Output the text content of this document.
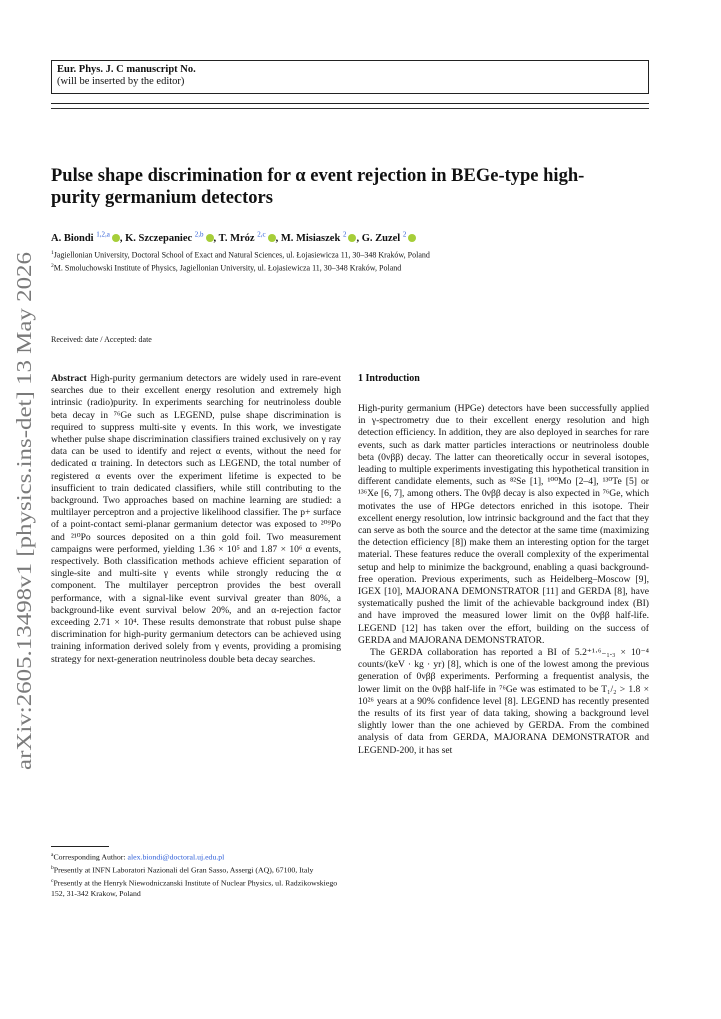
Eur. Phys. J. C manuscript No.
(will be inserted by the editor)
arXiv:2605.13498v1 [physics.ins-det] 13 May 2026
Pulse shape discrimination for α event rejection in BEGe-type high-purity germanium detectors
A. Biondi $^{1,2,a}$ , K. Szczepaniec $^{2,b}$ , T. Mróz $^{2,c}$ , M. Misiaszek $^2$ , G. Zuzel $^2$
$^1$Jagiellonian University, Doctoral School of Exact and Natural Sciences, ul. Łojasiewicza 11, 30–348 Kraków, Poland
$^2$M. Smoluchowski Institute of Physics, Jagiellonian University, ul. Łojasiewicza 11, 30–348 Kraków, Poland
Received: date / Accepted: date
Abstract High-purity germanium detectors are widely used in rare-event searches due to their excellent energy resolution and extremely high intrinsic (radio)purity. In experiments searching for neutrinoless double beta decay in ⁷⁶Ge such as LEGEND, pulse shape discrimination is required to suppress multi-site γ events. In this work, we investigate whether pulse shape discrimination classifiers trained exclusively on γ ray data can be used to identify and reject α events, without the need for dedicated α training. In detectors such as LEGEND, the total number of registered α events over the experiment lifetime is expected to be insufficient to train dedicated classifiers, while still contributing to the background. Two approaches based on machine learning are studied: a multilayer perceptron and a projective likelihood classifier. The p+ surface of a point-contact semi-planar germanium detector was exposed to ²⁰⁹Po and ²¹⁰Po sources deposited on a thin gold foil. Two measurement campaigns were performed, yielding 1.36 × 10⁵ and 1.87 × 10⁶ α events, respectively. Both classification methods achieve efficient separation of single-site and multi-site γ events while strongly reducing the α component. The multilayer perceptron provides the best overall performance, with a signal-like event survival greater than 80%, a background-like event survival below 20%, and an α-rejection factor exceeding 2.71 × 10⁴. These results demonstrate that robust pulse shape discrimination for high-purity germanium detectors can be achieved using training information derived solely from γ events, providing a promising strategy for next-generation neutrinoless double beta decay searches.
1 Introduction

High-purity germanium (HPGe) detectors have been successfully applied in γ-spectrometry due to their excellent energy resolution and high detection efficiency. In addition, they are also deployed in searches for rare events, such as dark matter particles interactions or neutrinoless double beta (0νββ) decay. The latter can theoretically occur in several isotopes, leading to multiple experiments investigating this hypothetical transition in different candidate elements, such as ⁸²Se [1], ¹⁰⁰Mo [2–4], ¹³⁰Te [5] or ¹³⁶Xe [6, 7], among others. The 0νββ decay is also expected in ⁷⁶Ge, which motivates the use of HPGe detectors enriched in this isotope. Their excellent energy resolution, low intrinsic background and the fact that they can serve as both the source and the detector at the same time (maximizing the detection efficiency [8]) make them an interesting option for the target material. These features reduce the overall complexity of the experimental setup and help to minimize the background, enabling a quasi background-free operation. Previous experiments, such as Heidelberg–Moscow [9], IGEX [10], MAJORANA DEMONSTRATOR [11] and GERDA [8], have systematically pushed the limit of the achievable background index (BI) and have improved the measured lower limit on the 0νββ half-life. LEGEND [12] has taken over the effort, building on the success of GERDA and MAJORANA DEMONSTRATOR.

The GERDA collaboration has reported a BI of 5.2⁺¹·⁶₋₁.₃ × 10⁻⁴ counts/(keV · kg · yr) [8], which is one of the lowest among the previous generation of 0νββ experiments. Performing a frequentist analysis, the lower limit on the 0νββ half-life in ⁷⁶Ge was estimated to be T₁/₂ > 1.8 × 10²⁶ years at a 90% confidence level [8]. LEGEND has recently presented the results of its first year of data taking, showing a background level slightly lower than the one achieved by GERDA. From the combined analysis of data from GERDA, MAJORANA DEMONSTRATOR and LEGEND-200, it has set

$^a$Corresponding Author: alex.biondi@doctoral.uj.edu.pl
$^b$Presently at INFN Laboratori Nazionali del Gran Sasso, Assergi (AQ), 67100, Italy
$^c$Presently at the Henryk Niewodniczanski Institute of Nuclear Physics, ul. Radzikowskiego 152, 31-342 Krakow, Poland
